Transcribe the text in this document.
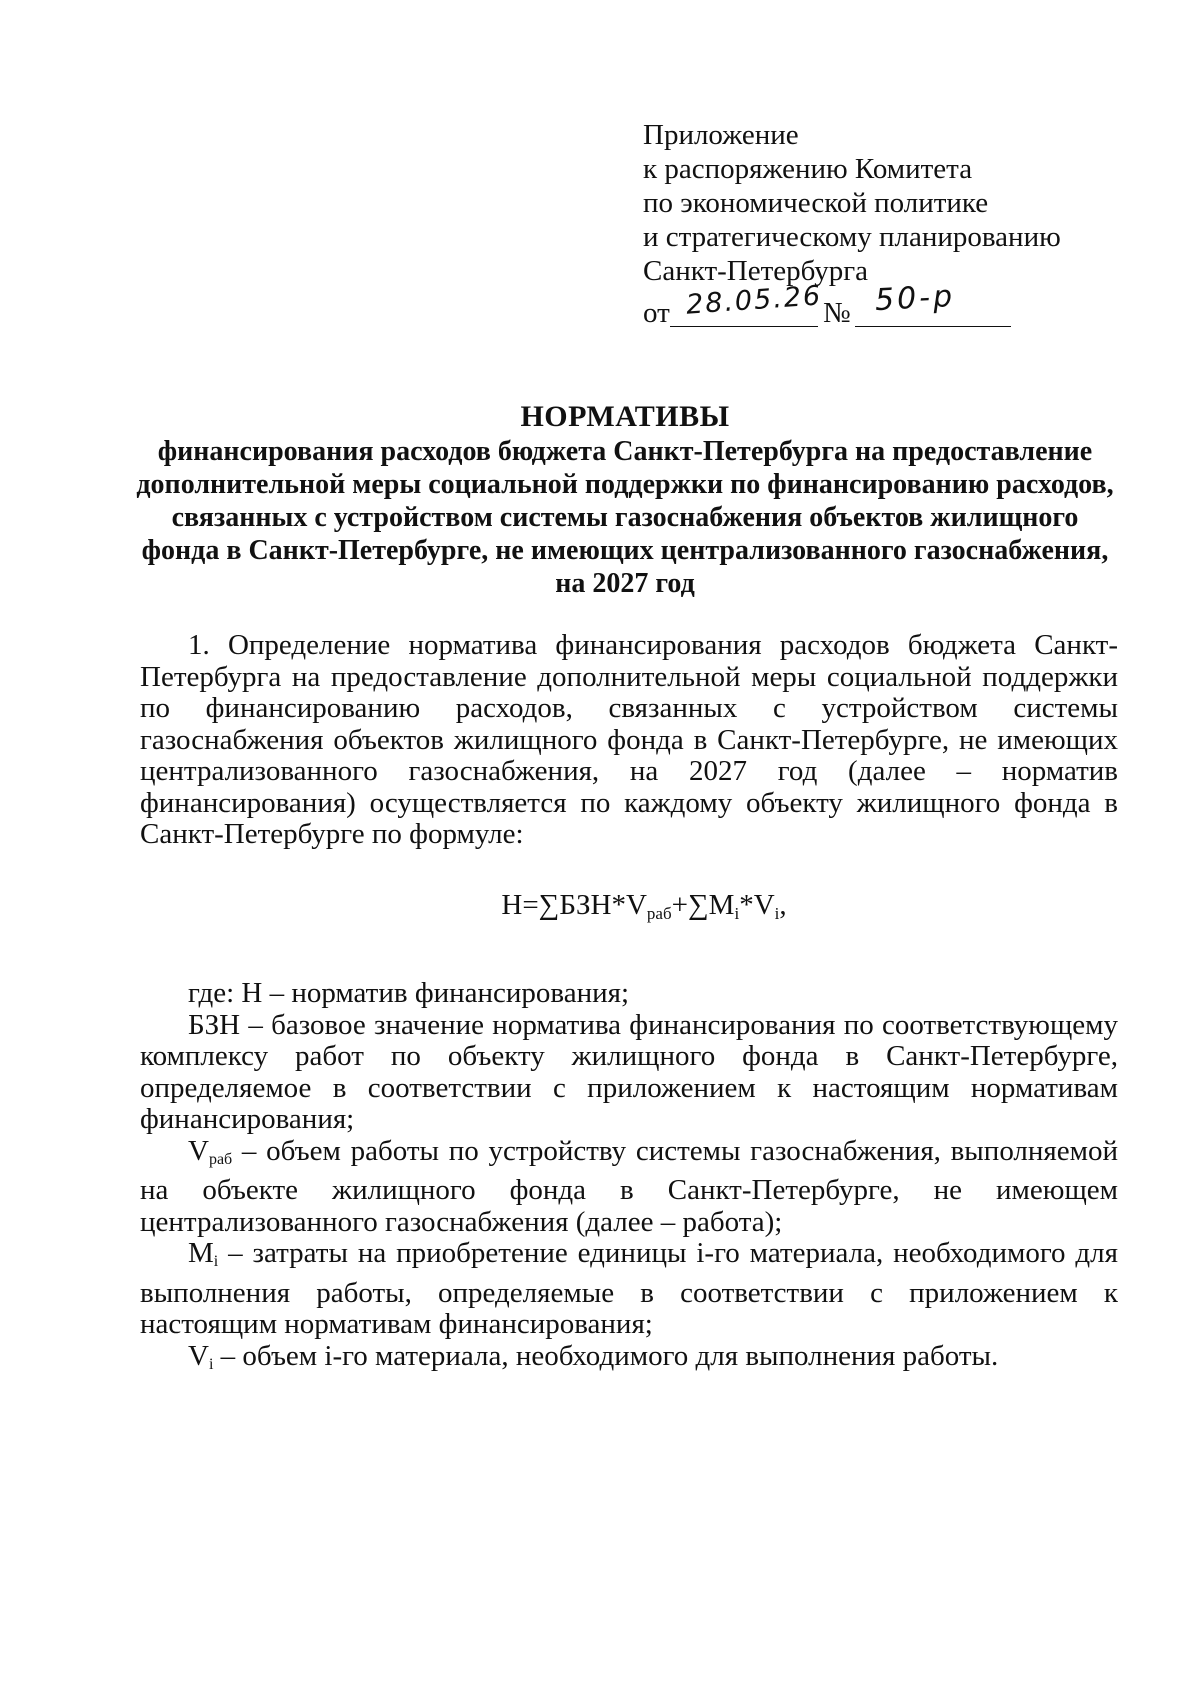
Приложение
к распоряжению Комитета
по экономической политике
и стратегическому планированию
Санкт-Петербурга
от 28.05.26 № 50-р
НОРМАТИВЫ
финансирования расходов бюджета Санкт-Петербурга на предоставление дополнительной меры социальной поддержки по финансированию расходов, связанных с устройством системы газоснабжения объектов жилищного фонда в Санкт-Петербурге, не имеющих централизованного газоснабжения, на 2027 год

1. Определение норматива финансирования расходов бюджета Санкт-Петербурга на предоставление дополнительной меры социальной поддержки по финансированию расходов, связанных с устройством системы газоснабжения объектов жилищного фонда в Санкт-Петербурге, не имеющих централизованного газоснабжения, на 2027 год (далее – норматив финансирования) осуществляется по каждому объекту жилищного фонда в Санкт-Петербурге по формуле:

$Н=\sum БЗН*V_{раб}+\sum M_i*V_i$,

где: Н – норматив финансирования;

БЗН – базовое значение норматива финансирования по соответствующему комплексу работ по объекту жилищного фонда в Санкт-Петербурге, определяемое в соответствии с приложением к настоящим нормативам финансирования;

$V_{раб}$ – объем работы по устройству системы газоснабжения, выполняемой на объекте жилищного фонда в Санкт-Петербурге, не имеющем централизованного газоснабжения (далее – работа);

$M_i$ – затраты на приобретение единицы i-го материала, необходимого для выполнения работы, определяемые в соответствии с приложением к настоящим нормативам финансирования;

$V_i$ – объем i-го материала, необходимого для выполнения работы.
